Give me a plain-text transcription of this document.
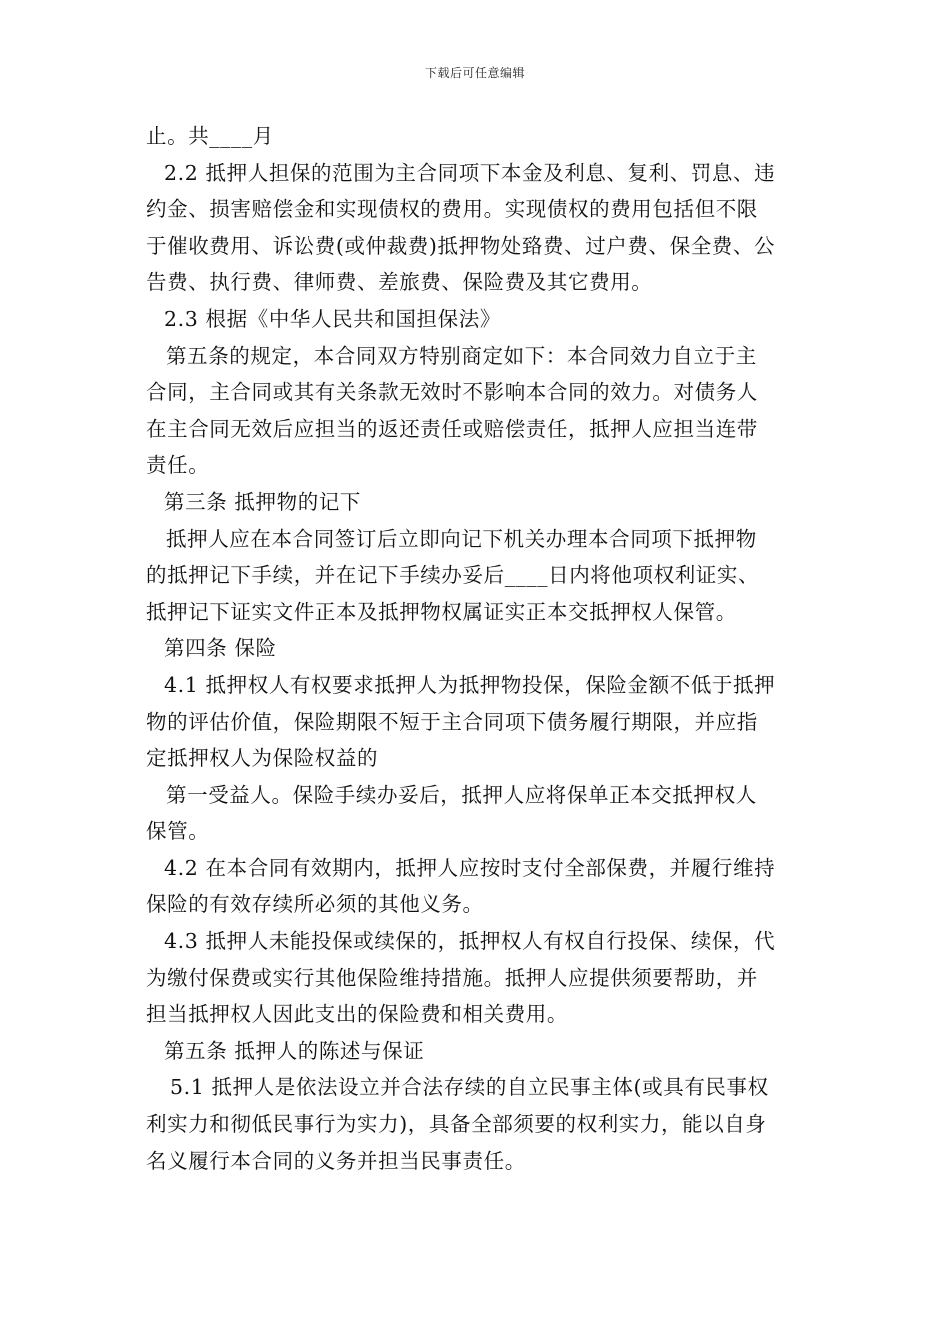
下载后可任意编辑

止。共____月

2.2 抵押人担保的范围为主合同项下本金及利息、复利、罚息、违

约金、损害赔偿金和实现债权的费用。实现债权的费用包括但不限

于催收费用、诉讼费(或仲裁费)抵押物处臵费、过户费、保全费、公

告费、执行费、律师费、差旅费、保险费及其它费用。

2.3 根据《中华人民共和国担保法》

第五条的规定，本合同双方特别商定如下：本合同效力自立于主

合同，主合同或其有关条款无效时不影响本合同的效力。对债务人

在主合同无效后应担当的返还责任或赔偿责任，抵押人应担当连带

责任。

第三条 抵押物的记下

抵押人应在本合同签订后立即向记下机关办理本合同项下抵押物

的抵押记下手续，并在记下手续办妥后____日内将他项权利证实、

抵押记下证实文件正本及抵押物权属证实正本交抵押权人保管。

第四条 保险

4.1 抵押权人有权要求抵押人为抵押物投保，保险金额不低于抵押

物的评估价值，保险期限不短于主合同项下债务履行期限，并应指

定抵押权人为保险权益的

第一受益人。保险手续办妥后，抵押人应将保单正本交抵押权人

保管。

4.2 在本合同有效期内，抵押人应按时支付全部保费，并履行维持

保险的有效存续所必须的其他义务。

4.3 抵押人未能投保或续保的，抵押权人有权自行投保、续保，代

为缴付保费或实行其他保险维持措施。抵押人应提供须要帮助，并

担当抵押权人因此支出的保险费和相关费用。

第五条 抵押人的陈述与保证

5.1 抵押人是依法设立并合法存续的自立民事主体(或具有民事权

利实力和彻低民事行为实力)，具备全部须要的权利实力，能以自身

名义履行本合同的义务并担当民事责任。
